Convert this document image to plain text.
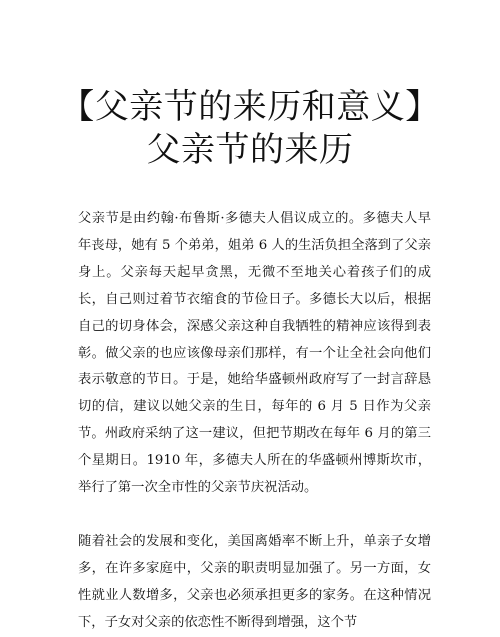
【父亲节的来历和意义】
父亲节的来历

父亲节是由约翰·布鲁斯·多德夫人倡议成立的。多德夫人早年丧母，她有 5 个弟弟，姐弟 6 人的生活负担全落到了父亲身上。父亲每天起早贪黑，无微不至地关心着孩子们的成长，自己则过着节衣缩食的节俭日子。多德长大以后，根据自己的切身体会，深感父亲这种自我牺牲的精神应该得到表彰。做父亲的也应该像母亲们那样，有一个让全社会向他们表示敬意的节日。于是，她给华盛顿州政府写了一封言辞恳切的信，建议以她父亲的生日，每年的 6 月 5 日作为父亲节。州政府采纳了这一建议，但把节期改在每年 6 月的第三个星期日。1910 年，多德夫人所在的华盛顿州博斯坎市，举行了第一次全市性的父亲节庆祝活动。

随着社会的发展和变化，美国离婚率不断上升，单亲子女增多，在许多家庭中，父亲的职责明显加强了。另一方面，女性就业人数增多，父亲也必须承担更多的家务。在这种情况下，子女对父亲的依恋性不断得到增强，这个节
